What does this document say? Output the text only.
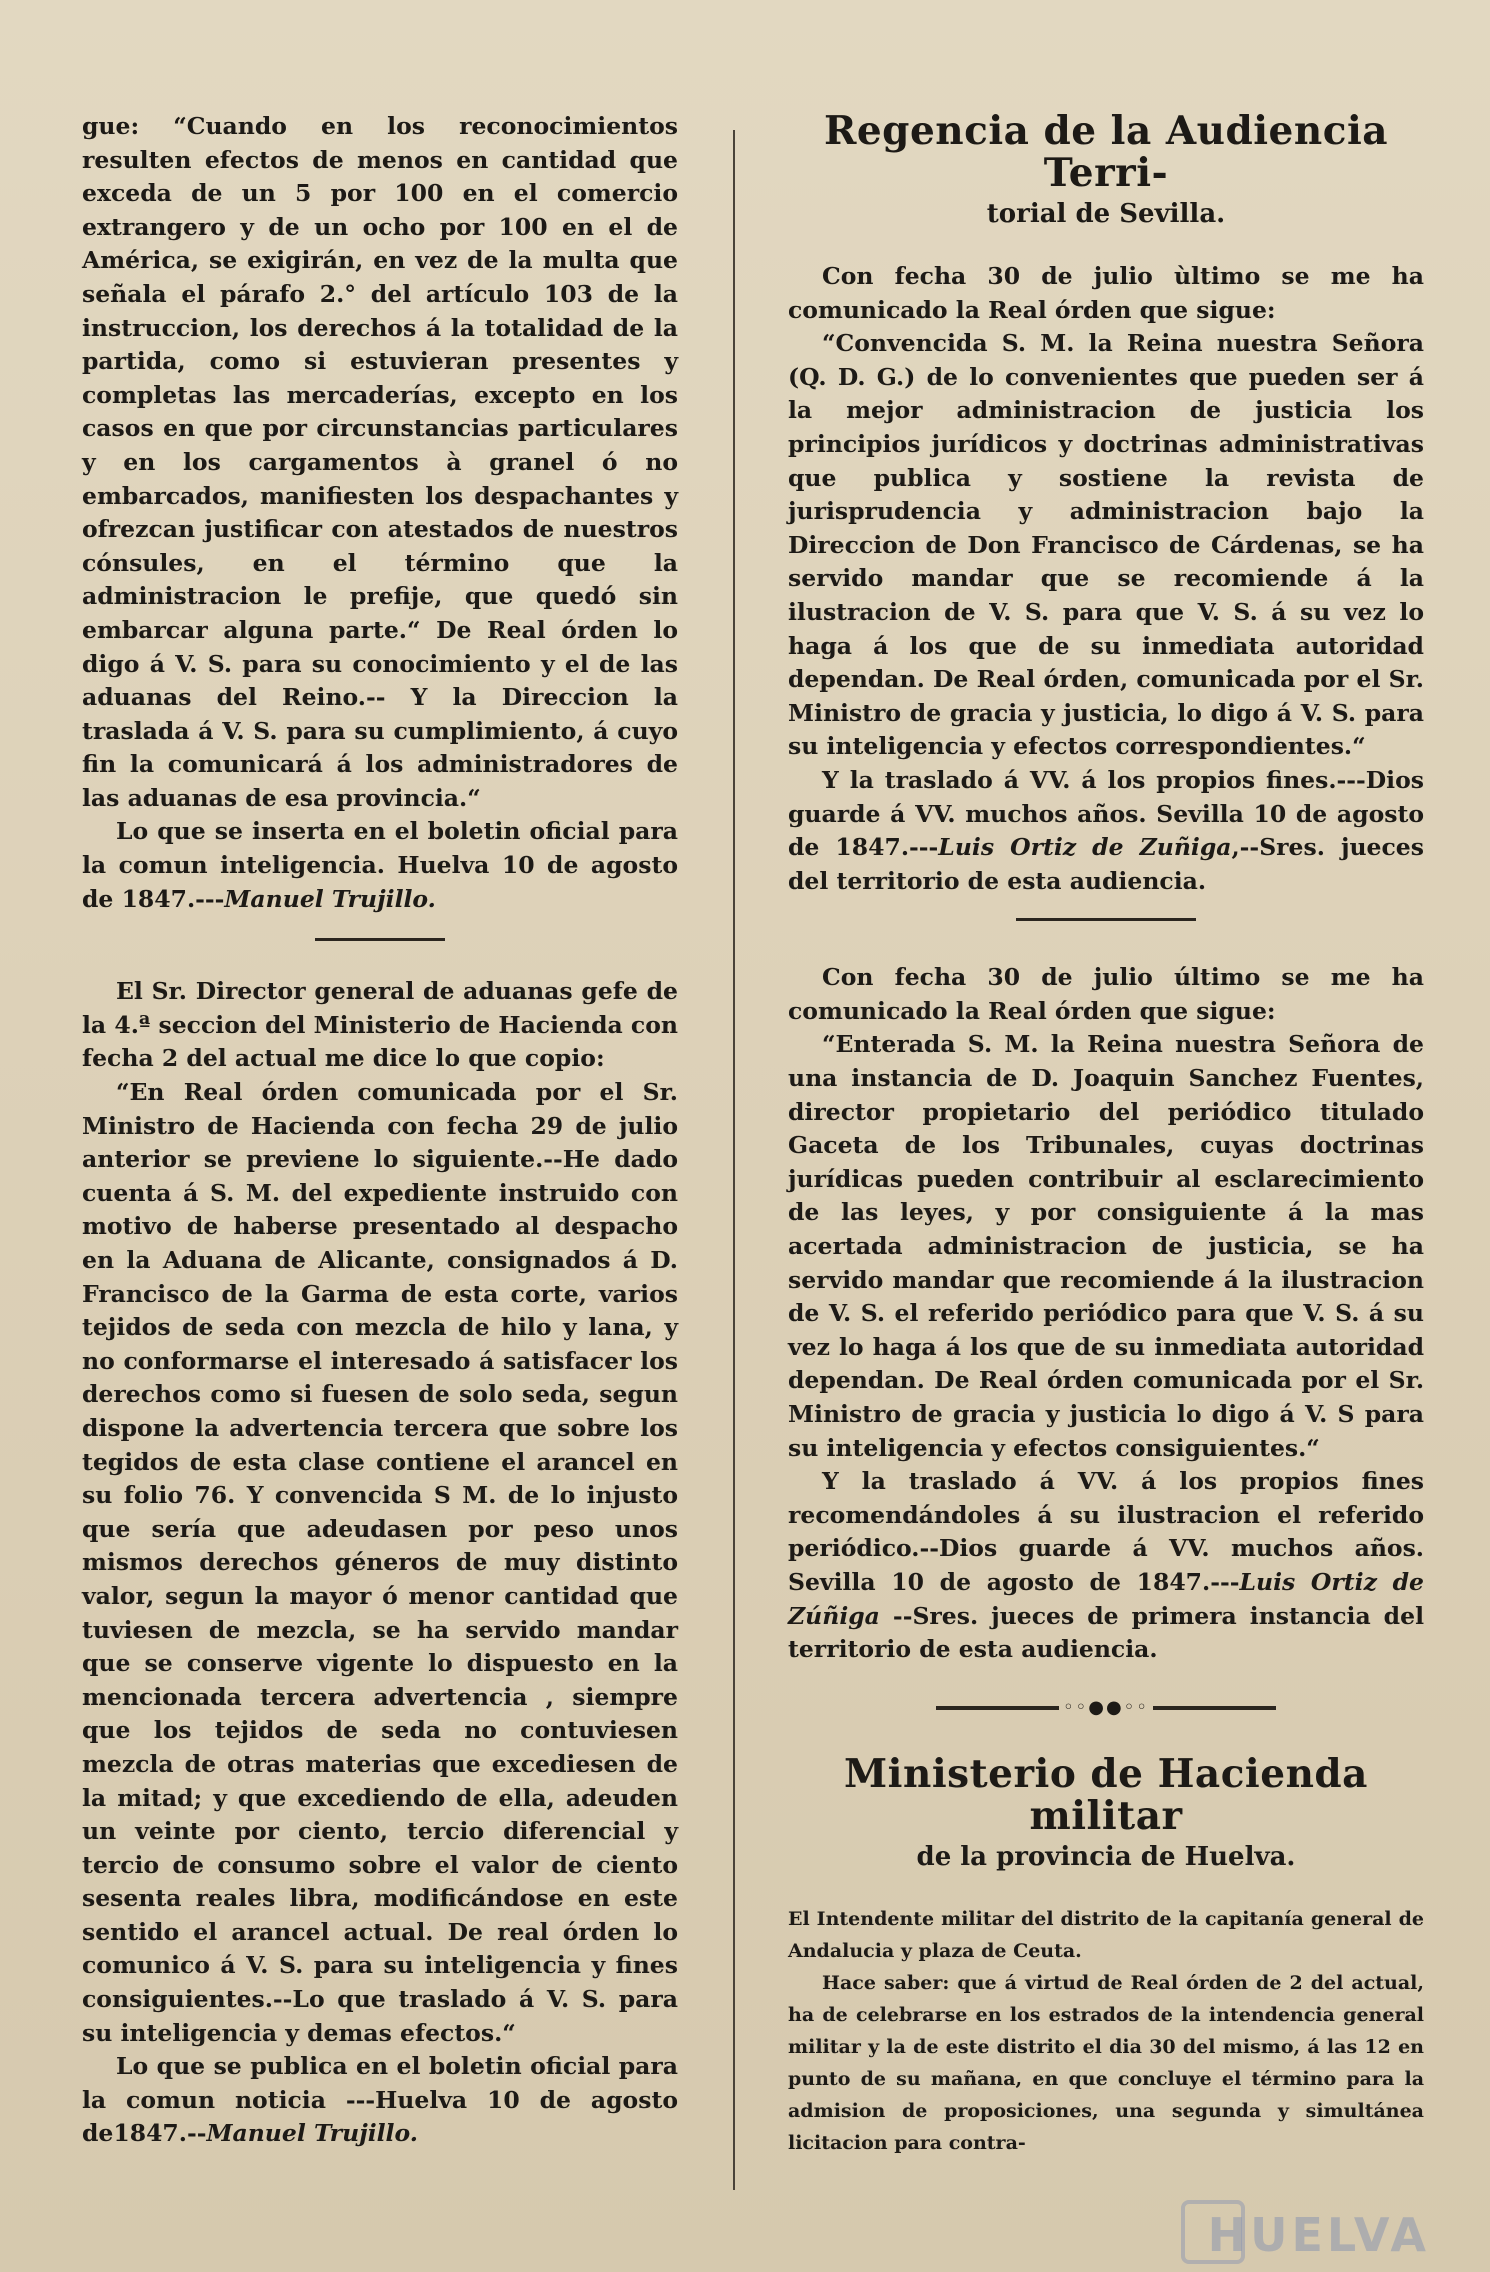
gue: “Cuando en los reconocimientos resulten efectos de menos en cantidad que exceda de un 5 por 100 en el comercio extrangero y de un ocho por 100 en el de América, se exigirán, en vez de la multa que señala el párafo 2.° del artículo 103 de la instruccion, los derechos á la totalidad de la partida, como si estuvieran presentes y completas las mercaderías, excepto en los casos en que por circunstancias particulares y en los cargamentos à granel ó no embarcados, manifiesten los despachantes y ofrezcan justificar con atestados de nuestros cónsules, en el término que la administracion le prefije, que quedó sin embarcar alguna parte.“ De Real órden lo digo á V. S. para su conocimiento y el de las aduanas del Reino.-- Y la Direccion la traslada á V. S. para su cumplimiento, á cuyo fin la comunicará á los administradores de las aduanas de esa provincia.“

Lo que se inserta en el boletin oficial para la comun inteligencia. Huelva 10 de agosto de 1847.---Manuel Trujillo.

El Sr. Director general de aduanas gefe de la 4.ª seccion del Ministerio de Hacienda con fecha 2 del actual me dice lo que copio:

“En Real órden comunicada por el Sr. Ministro de Hacienda con fecha 29 de julio anterior se previene lo siguiente.--He dado cuenta á S. M. del expediente instruido con motivo de haberse presentado al despacho en la Aduana de Alicante, consignados á D. Francisco de la Garma de esta corte, varios tejidos de seda con mezcla de hilo y lana, y no conformarse el interesado á satisfacer los derechos como si fuesen de solo seda, segun dispone la advertencia tercera que sobre los tegidos de esta clase contiene el arancel en su folio 76. Y convencida S M. de lo injusto que sería que adeudasen por peso unos mismos derechos géneros de muy distinto valor, segun la mayor ó menor cantidad que tuviesen de mezcla, se ha servido mandar que se conserve vigente lo dispuesto en la mencionada tercera advertencia , siempre que los tejidos de seda no contuviesen mezcla de otras materias que excediesen de la mitad; y que excediendo de ella, adeuden un veinte por ciento, tercio diferencial y tercio de consumo sobre el valor de ciento sesenta reales libra, modificándose en este sentido el arancel actual. De real órden lo comunico á V. S. para su inteligencia y fines consiguientes.--Lo que traslado á V. S. para su inteligencia y demas efectos.“

Lo que se publica en el boletin oficial para la comun noticia ---Huelva 10 de agosto de1847.--Manuel Trujillo.

Regencia de la Audiencia Terri-
torial de Sevilla.

Con fecha 30 de julio ùltimo se me ha comunicado la Real órden que sigue:

“Convencida S. M. la Reina nuestra Señora (Q. D. G.) de lo convenientes que pueden ser á la mejor administracion de justicia los principios jurídicos y doctrinas administrativas que publica y sostiene la revista de jurisprudencia y administracion bajo la Direccion de Don Francisco de Cárdenas, se ha servido mandar que se recomiende á la ilustracion de V. S. para que V. S. á su vez lo haga á los que de su inmediata autoridad dependan. De Real órden, comunicada por el Sr. Ministro de gracia y justicia, lo digo á V. S. para su inteligencia y efectos correspondientes.“

Y la traslado á VV. á los propios fines.---Dios guarde á VV. muchos años. Sevilla 10 de agosto de 1847.---Luis Ortiz de Zuñiga,--Sres. jueces del territorio de esta audiencia.

Con fecha 30 de julio último se me ha comunicado la Real órden que sigue:

“Enterada S. M. la Reina nuestra Señora de una instancia de D. Joaquin Sanchez Fuentes, director propietario del periódico titulado Gaceta de los Tribunales, cuyas doctrinas jurídicas pueden contribuir al esclarecimiento de las leyes, y por consiguiente á la mas acertada administracion de justicia, se ha servido mandar que recomiende á la ilustracion de V. S. el referido periódico para que V. S. á su vez lo haga á los que de su inmediata autoridad dependan. De Real órden comunicada por el Sr. Ministro de gracia y justicia lo digo á V. S para su inteligencia y efectos consiguientes.“

Y la traslado á VV. á los propios fines recomendándoles á su ilustracion el referido periódico.--Dios guarde á VV. muchos años. Sevilla 10 de agosto de 1847.---Luis Ortiz de Zúñiga --Sres. jueces de primera instancia del territorio de esta audiencia.

◦◦●●◦◦
Ministerio de Hacienda militar
de la provincia de Huelva.

El Intendente militar del distrito de la capitanía general de Andalucia y plaza de Ceuta.

Hace saber: que á virtud de Real órden de 2 del actual, ha de celebrarse en los estrados de la intendencia general militar y la de este distrito el dia 30 del mismo, á las 12 en punto de su mañana, en que concluye el término para la admision de proposiciones, una segunda y simultánea licitacion para contra-

HUELVA
